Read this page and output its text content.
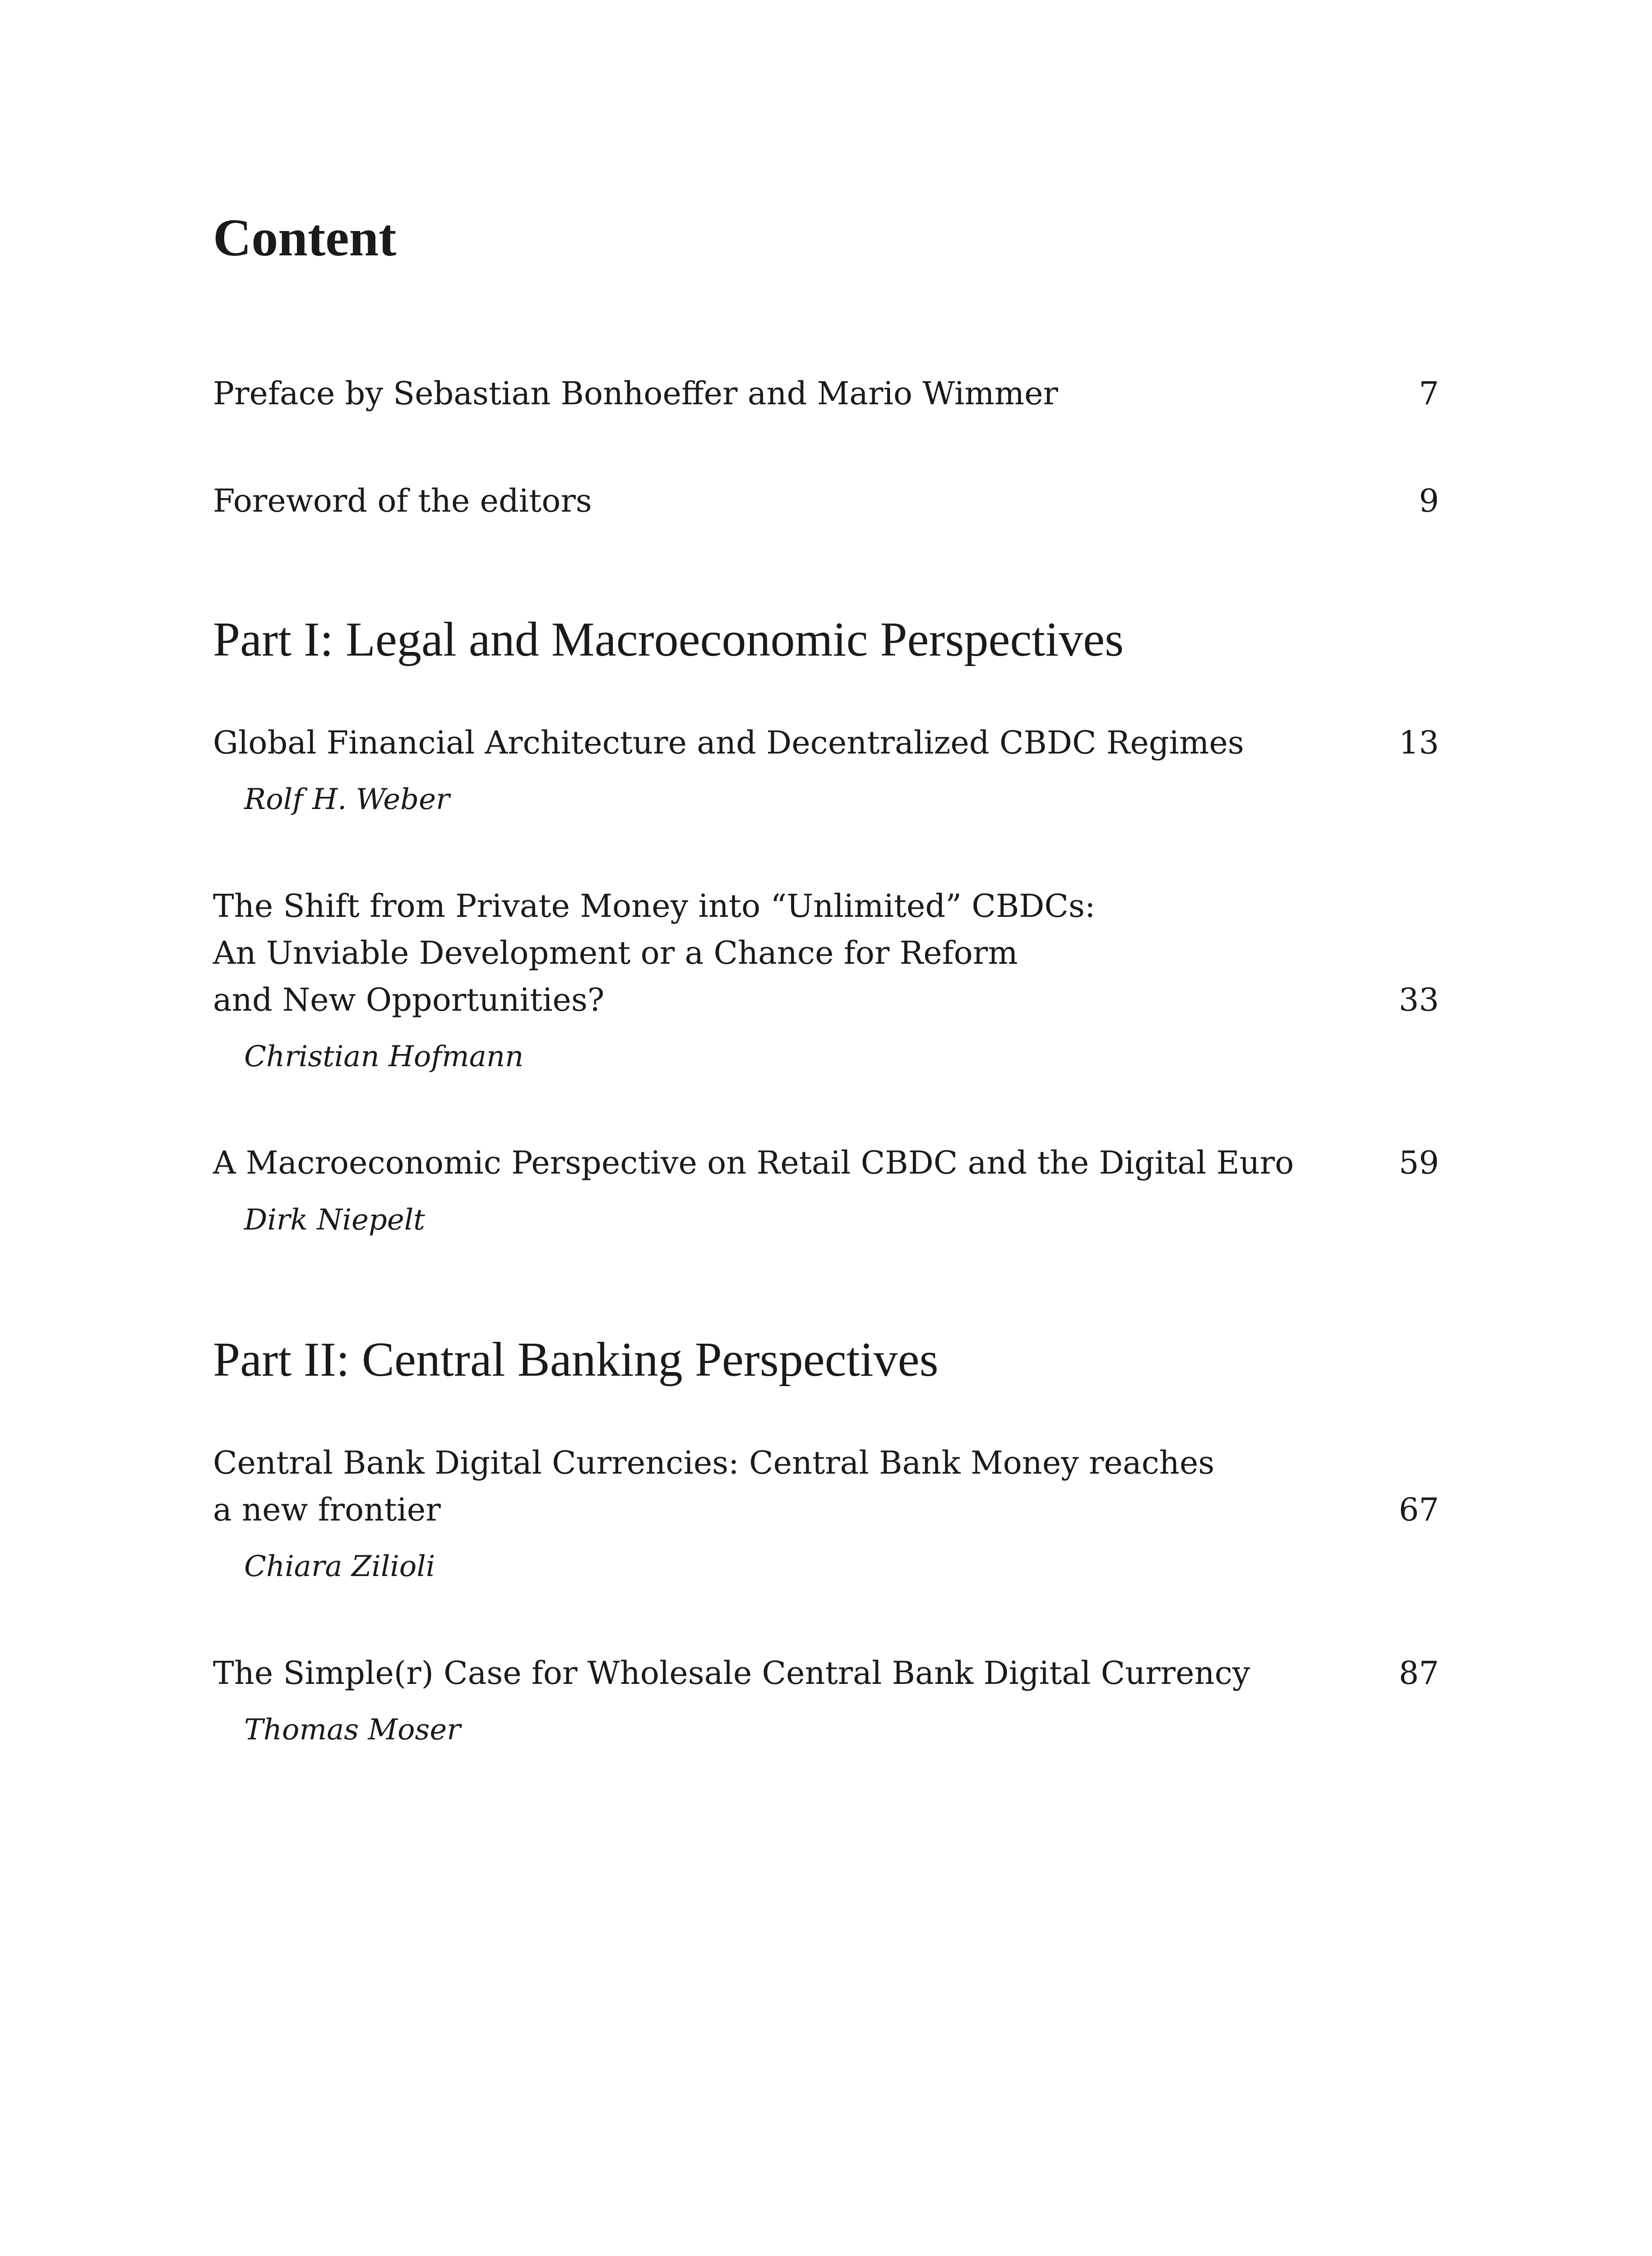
Content
Preface by Sebastian Bonhoeffer and Mario Wimmer	7
Foreword of the editors	9
Part I: Legal and Macroeconomic Perspectives
Global Financial Architecture and Decentralized CBDC Regimes	13
Rolf H. Weber
The Shift from Private Money into “Unlimited” CBDCs:
An Unviable Development or a Chance for Reform
and New Opportunities?	33
Christian Hofmann
A Macroeconomic Perspective on Retail CBDC and the Digital Euro	59
Dirk Niepelt
Part II: Central Banking Perspectives
Central Bank Digital Currencies: Central Bank Money reaches
a new frontier	67
Chiara Zilioli
The Simple(r) Case for Wholesale Central Bank Digital Currency	87
Thomas Moser
